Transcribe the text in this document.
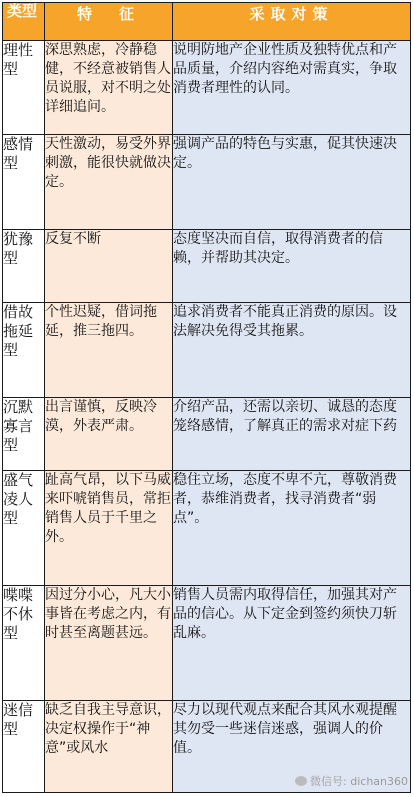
类型	特　征	采取对策
理性型	深思熟虑，冷静稳健，不经意被销售人员说服，对不明之处详细追问。	说明防地产企业性质及独特优点和产品质量，介绍内容绝对需真实，争取消费者理性的认同。
感情型	天性激动，易受外界刺激，能很快就做决定。	强调产品的特色与实惠，促其快速决定。
犹豫型	反复不断	态度坚决而自信，取得消费者的信赖，并帮助其决定。
借故拖延型	个性迟疑，借词拖延，推三拖四。	追求消费者不能真正消费的原因。设法解决免得受其拖累。
沉默寡言型	出言谨慎，反映冷漠，外表严肃。	介绍产品，还需以亲切、诚恳的态度笼络感情，了解真正的需求对症下药
盛气凌人型	趾高气昂，以下马威来吓唬销售员，常拒销售人员于千里之外。	稳住立场，态度不卑不亢，尊敬消费者，恭维消费者，找寻消费者“弱点”。
喋喋不休型	因过分小心，凡大小事皆在考虑之内，有时甚至离题甚远。	销售人员需内取得信任，加强其对产品的信心。从下定金到签约须快刀斩乱麻。
迷信型	缺乏自我主导意识，决定权操作于“神意”或风水	尽力以现代观点来配合其风水观提醒其勿受一些迷信迷惑，强调人的价值。
微信号: dichan360
